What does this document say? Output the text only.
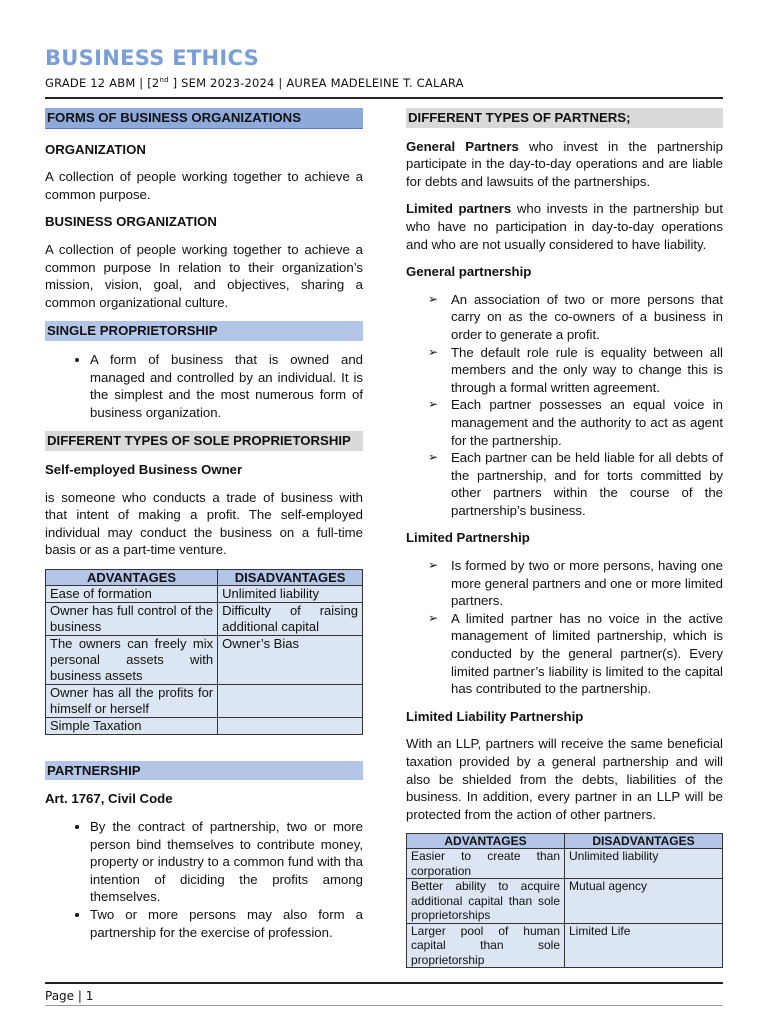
BUSINESS ETHICS
GRADE 12 ABM | [2nd ] SEM 2023-2024 | AUREA MADELEINE T. CALARA
FORMS OF BUSINESS ORGANIZATIONS
ORGANIZATION

A collection of people working together to achieve a common purpose.

BUSINESS ORGANIZATION

A collection of people working together to achieve a common purpose In relation to their organization’s mission, vision, goal, and objectives, sharing a common organizational culture.

SINGLE PROPRIETORSHIP
• A form of business that is owned and managed and controlled by an individual. It is the simplest and the most numerous form of business organization.
DIFFERENT TYPES OF SOLE PROPRIETORSHIP
Self-employed Business Owner

is someone who conducts a trade of business with that intent of making a profit. The self-employed individual may conduct the business on a full-time basis or as a part-time venture.

ADVANTAGES	DISADVANTAGES
Ease of formation	Unlimited liability
Owner has full control of the business	Difficulty of raising additional capital
The owners can freely mix personal assets with business assets	Owner’s Bias
Owner has all the profits for himself or herself	
Simple Taxation	
PARTNERSHIP
Art. 1767, Civil Code
• By the contract of partnership, two or more person bind themselves to contribute money, property or industry to a common fund with tha intention of diciding the profits among themselves.
• Two or more persons may also form a partnership for the exercise of profession.
DIFFERENT TYPES OF PARTNERS;

General Partners who invest in the partnership participate in the day-to-day operations and are liable for debts and lawsuits of the partnerships.

Limited partners who invests in the partnership but who have no participation in day-to-day operations and who are not usually considered to have liability.

General partnership
➢ An association of two or more persons that carry on as the co-owners of a business in order to generate a profit.
➢ The default role rule is equality between all members and the only way to change this is through a formal written agreement.
➢ Each partner possesses an equal voice in management and the authority to act as agent for the partnership.
➢ Each partner can be held liable for all debts of the partnership, and for torts committed by other partners within the course of the partnership’s business.
Limited Partnership
➢ Is formed by two or more persons, having one more general partners and one or more limited partners.
➢ A limited partner has no voice in the active management of limited partnership, which is conducted by the general partner(s). Every limited partner’s liability is limited to the capital has contributed to the partnership.
Limited Liability Partnership

With an LLP, partners will receive the same beneficial taxation provided by a general partnership and will also be shielded from the debts, liabilities of the business. In addition, every partner in an LLP will be protected from the action of other partners.

ADVANTAGES	DISADVANTAGES
Easier to create than corporation	Unlimited liability
Better ability to acquire additional capital than sole proprietorships	Mutual agency
Larger pool of human capital than sole proprietorship	Limited Life
Page | 1
